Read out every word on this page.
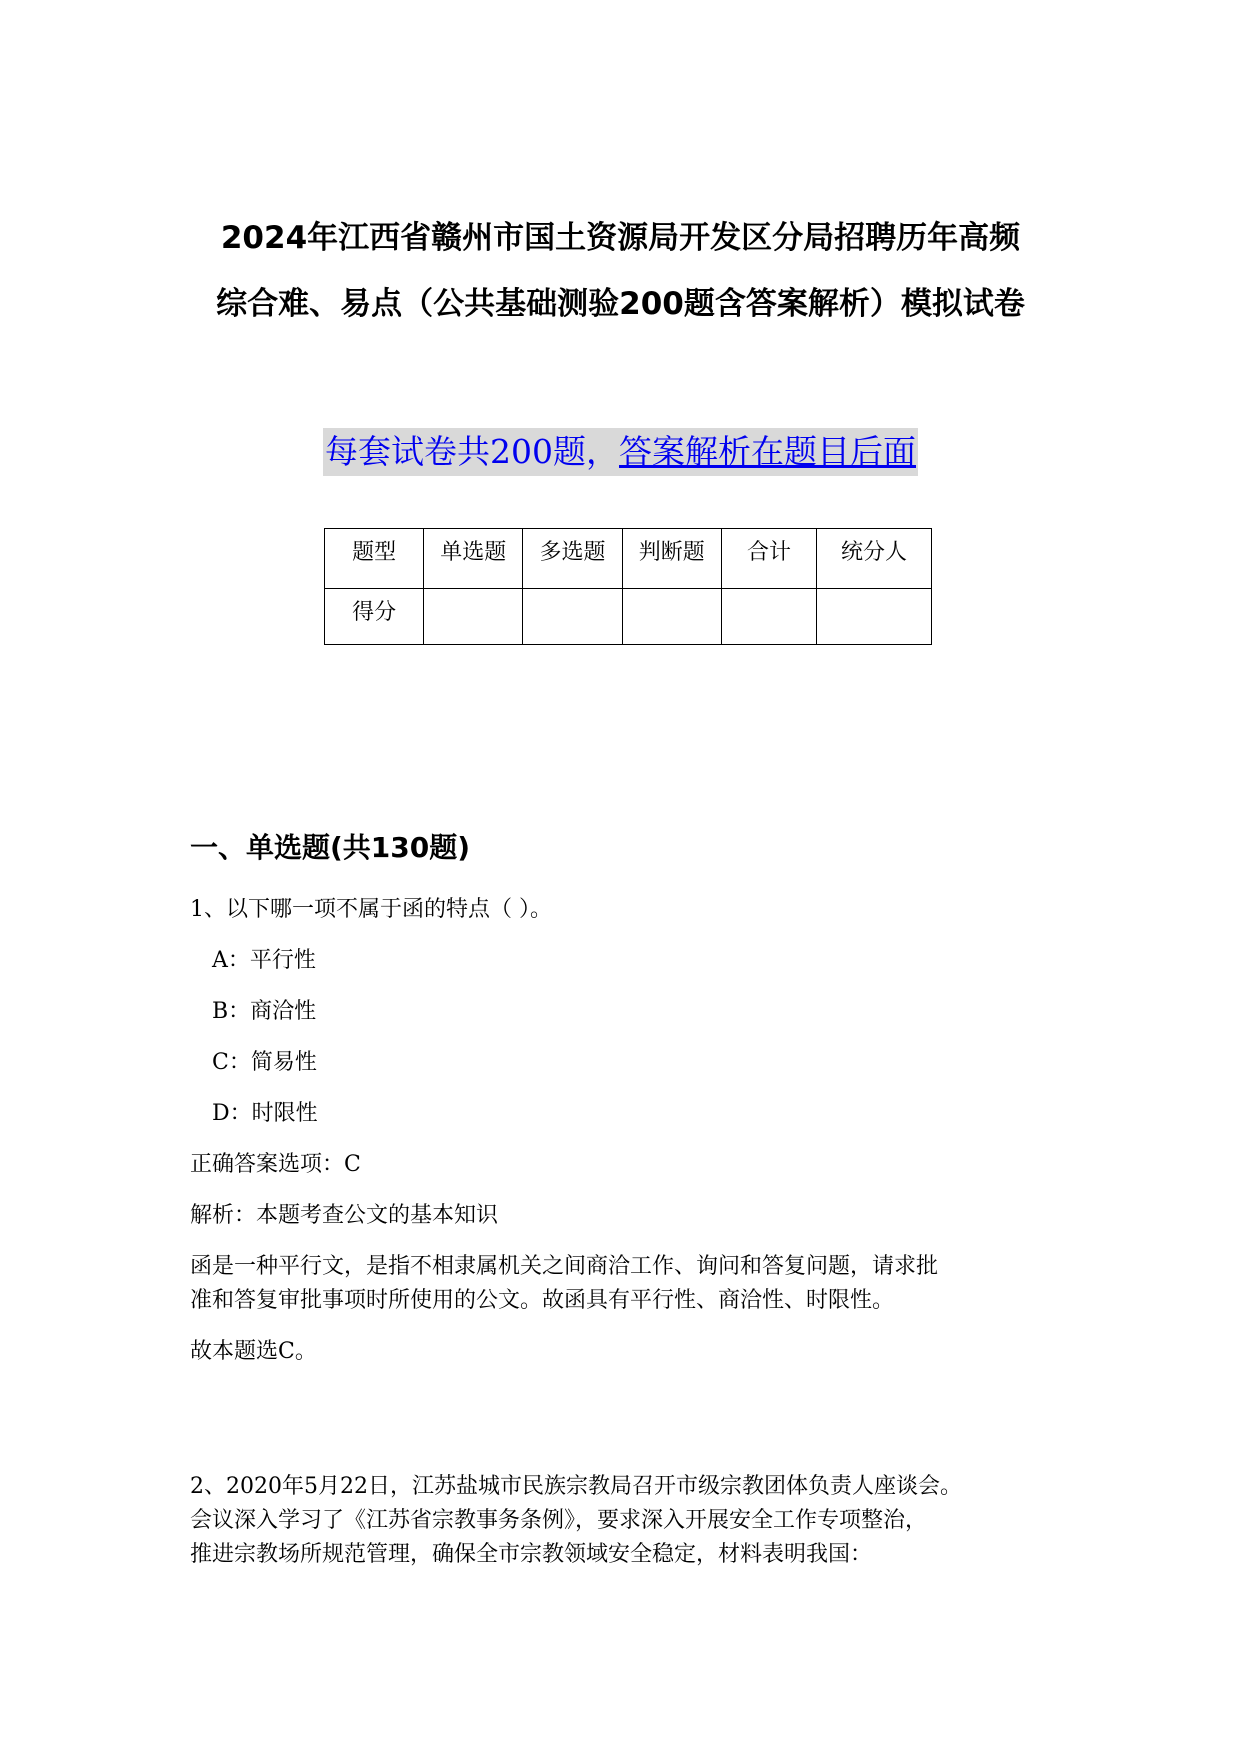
2024年江西省赣州市国土资源局开发区分局招聘历年高频
综合难、易点（公共基础测验200题含答案解析）模拟试卷

每套试卷共200题，答案解析在题目后面

题型	单选题	多选题	判断题	合计	统分人
得分					
一、单选题(共130题)

1、以下哪一项不属于函的特点（ ）。

A：平行性

B：商洽性

C：简易性

D：时限性

正确答案选项：C

解析：本题考查公文的基本知识

函是一种平行文，是指不相隶属机关之间商洽工作、询问和答复问题，请求批

准和答复审批事项时所使用的公文。故函具有平行性、商洽性、时限性。

故本题选C。

2、2020年5月22日，江苏盐城市民族宗教局召开市级宗教团体负责人座谈会。

会议深入学习了《江苏省宗教事务条例》，要求深入开展安全工作专项整治，

推进宗教场所规范管理，确保全市宗教领域安全稳定，材料表明我国：
